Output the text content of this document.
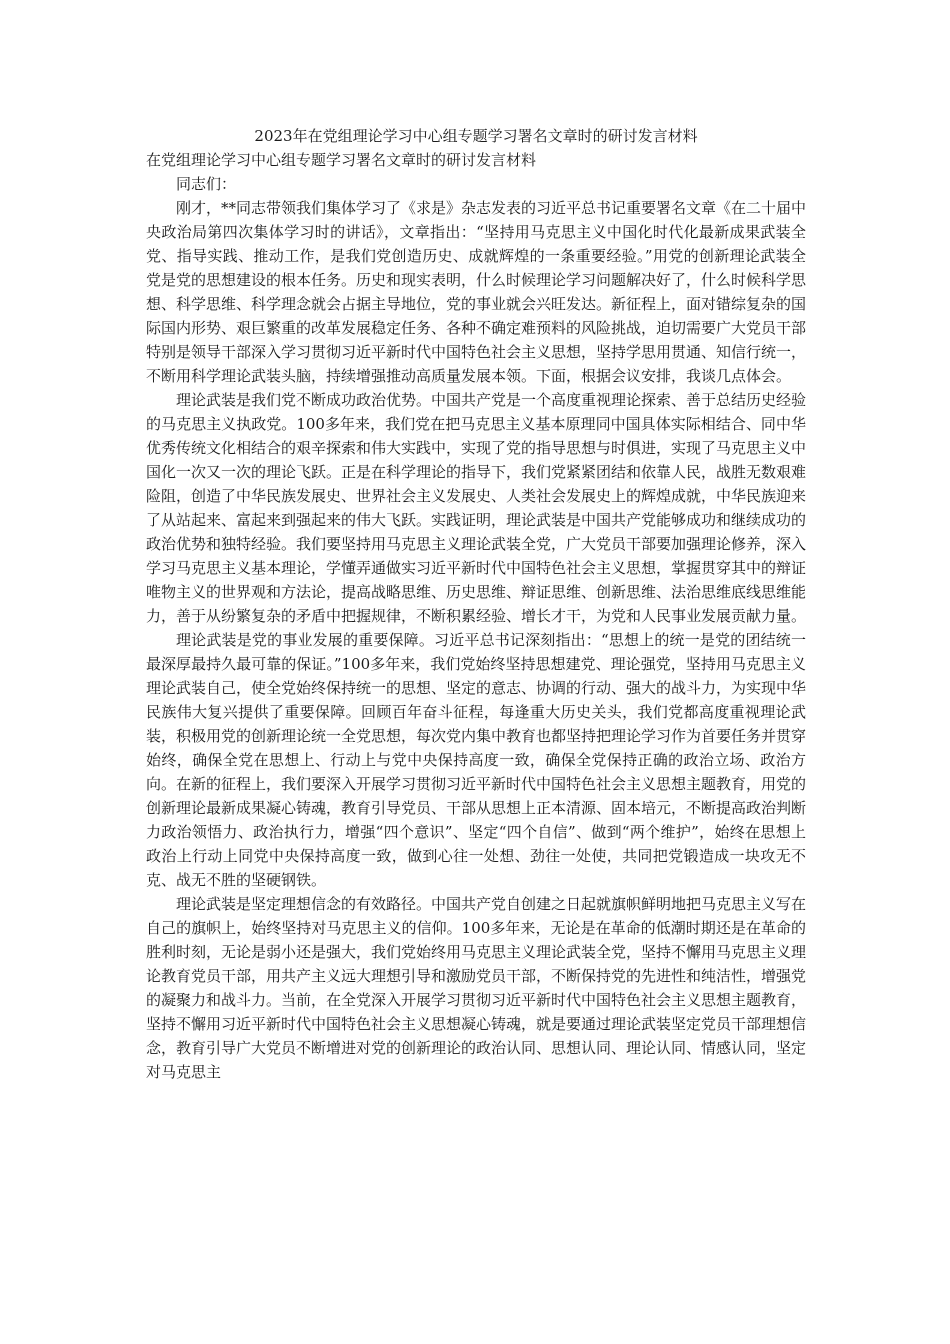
2023年在党组理论学习中心组专题学习署名文章时的研讨发言材料

在党组理论学习中心组专题学习署名文章时的研讨发言材料

同志们：

刚才，**同志带领我们集体学习了《求是》杂志发表的习近平总书记重要署名文章《在二十届中央政治局第四次集体学习时的讲话》，文章指出：“坚持用马克思主义中国化时代化最新成果武装全党、指导实践、推动工作，是我们党创造历史、成就辉煌的一条重要经验。”用党的创新理论武装全党是党的思想建设的根本任务。历史和现实表明，什么时候理论学习问题解决好了，什么时候科学思想、科学思维、科学理念就会占据主导地位，党的事业就会兴旺发达。新征程上，面对错综复杂的国际国内形势、艰巨繁重的改革发展稳定任务、各种不确定难预料的风险挑战，迫切需要广大党员干部特别是领导干部深入学习贯彻习近平新时代中国特色社会主义思想，坚持学思用贯通、知信行统一，不断用科学理论武装头脑，持续增强推动高质量发展本领。下面，根据会议安排，我谈几点体会。

理论武装是我们党不断成功政治优势。中国共产党是一个高度重视理论探索、善于总结历史经验的马克思主义执政党。100多年来，我们党在把马克思主义基本原理同中国具体实际相结合、同中华优秀传统文化相结合的艰辛探索和伟大实践中，实现了党的指导思想与时俱进，实现了马克思主义中国化一次又一次的理论飞跃。正是在科学理论的指导下，我们党紧紧团结和依靠人民，战胜无数艰难险阻，创造了中华民族发展史、世界社会主义发展史、人类社会发展史上的辉煌成就，中华民族迎来了从站起来、富起来到强起来的伟大飞跃。实践证明，理论武装是中国共产党能够成功和继续成功的政治优势和独特经验。我们要坚持用马克思主义理论武装全党，广大党员干部要加强理论修养，深入学习马克思主义基本理论，学懂弄通做实习近平新时代中国特色社会主义思想，掌握贯穿其中的辩证唯物主义的世界观和方法论，提高战略思维、历史思维、辩证思维、创新思维、法治思维底线思维能力，善于从纷繁复杂的矛盾中把握规律，不断积累经验、增长才干，为党和人民事业发展贡献力量。

理论武装是党的事业发展的重要保障。习近平总书记深刻指出：“思想上的统一是党的团结统一最深厚最持久最可靠的保证。”100多年来，我们党始终坚持思想建党、理论强党，坚持用马克思主义理论武装自己，使全党始终保持统一的思想、坚定的意志、协调的行动、强大的战斗力，为实现中华民族伟大复兴提供了重要保障。回顾百年奋斗征程，每逢重大历史关头，我们党都高度重视理论武装，积极用党的创新理论统一全党思想，每次党内集中教育也都坚持把理论学习作为首要任务并贯穿始终，确保全党在思想上、行动上与党中央保持高度一致，确保全党保持正确的政治立场、政治方向。在新的征程上，我们要深入开展学习贯彻习近平新时代中国特色社会主义思想主题教育，用党的创新理论最新成果凝心铸魂，教育引导党员、干部从思想上正本清源、固本培元，不断提高政治判断力政治领悟力、政治执行力，增强“四个意识”、坚定“四个自信”、做到“两个维护”，始终在思想上政治上行动上同党中央保持高度一致，做到心往一处想、劲往一处使，共同把党锻造成一块攻无不克、战无不胜的坚硬钢铁。

理论武装是坚定理想信念的有效路径。中国共产党自创建之日起就旗帜鲜明地把马克思主义写在自己的旗帜上，始终坚持对马克思主义的信仰。100多年来，无论是在革命的低潮时期还是在革命的胜利时刻，无论是弱小还是强大，我们党始终用马克思主义理论武装全党，坚持不懈用马克思主义理论教育党员干部，用共产主义远大理想引导和激励党员干部，不断保持党的先进性和纯洁性，增强党的凝聚力和战斗力。当前，在全党深入开展学习贯彻习近平新时代中国特色社会主义思想主题教育，坚持不懈用习近平新时代中国特色社会主义思想凝心铸魂，就是要通过理论武装坚定党员干部理想信念，教育引导广大党员不断增进对党的创新理论的政治认同、思想认同、理论认同、情感认同，坚定对马克思主
